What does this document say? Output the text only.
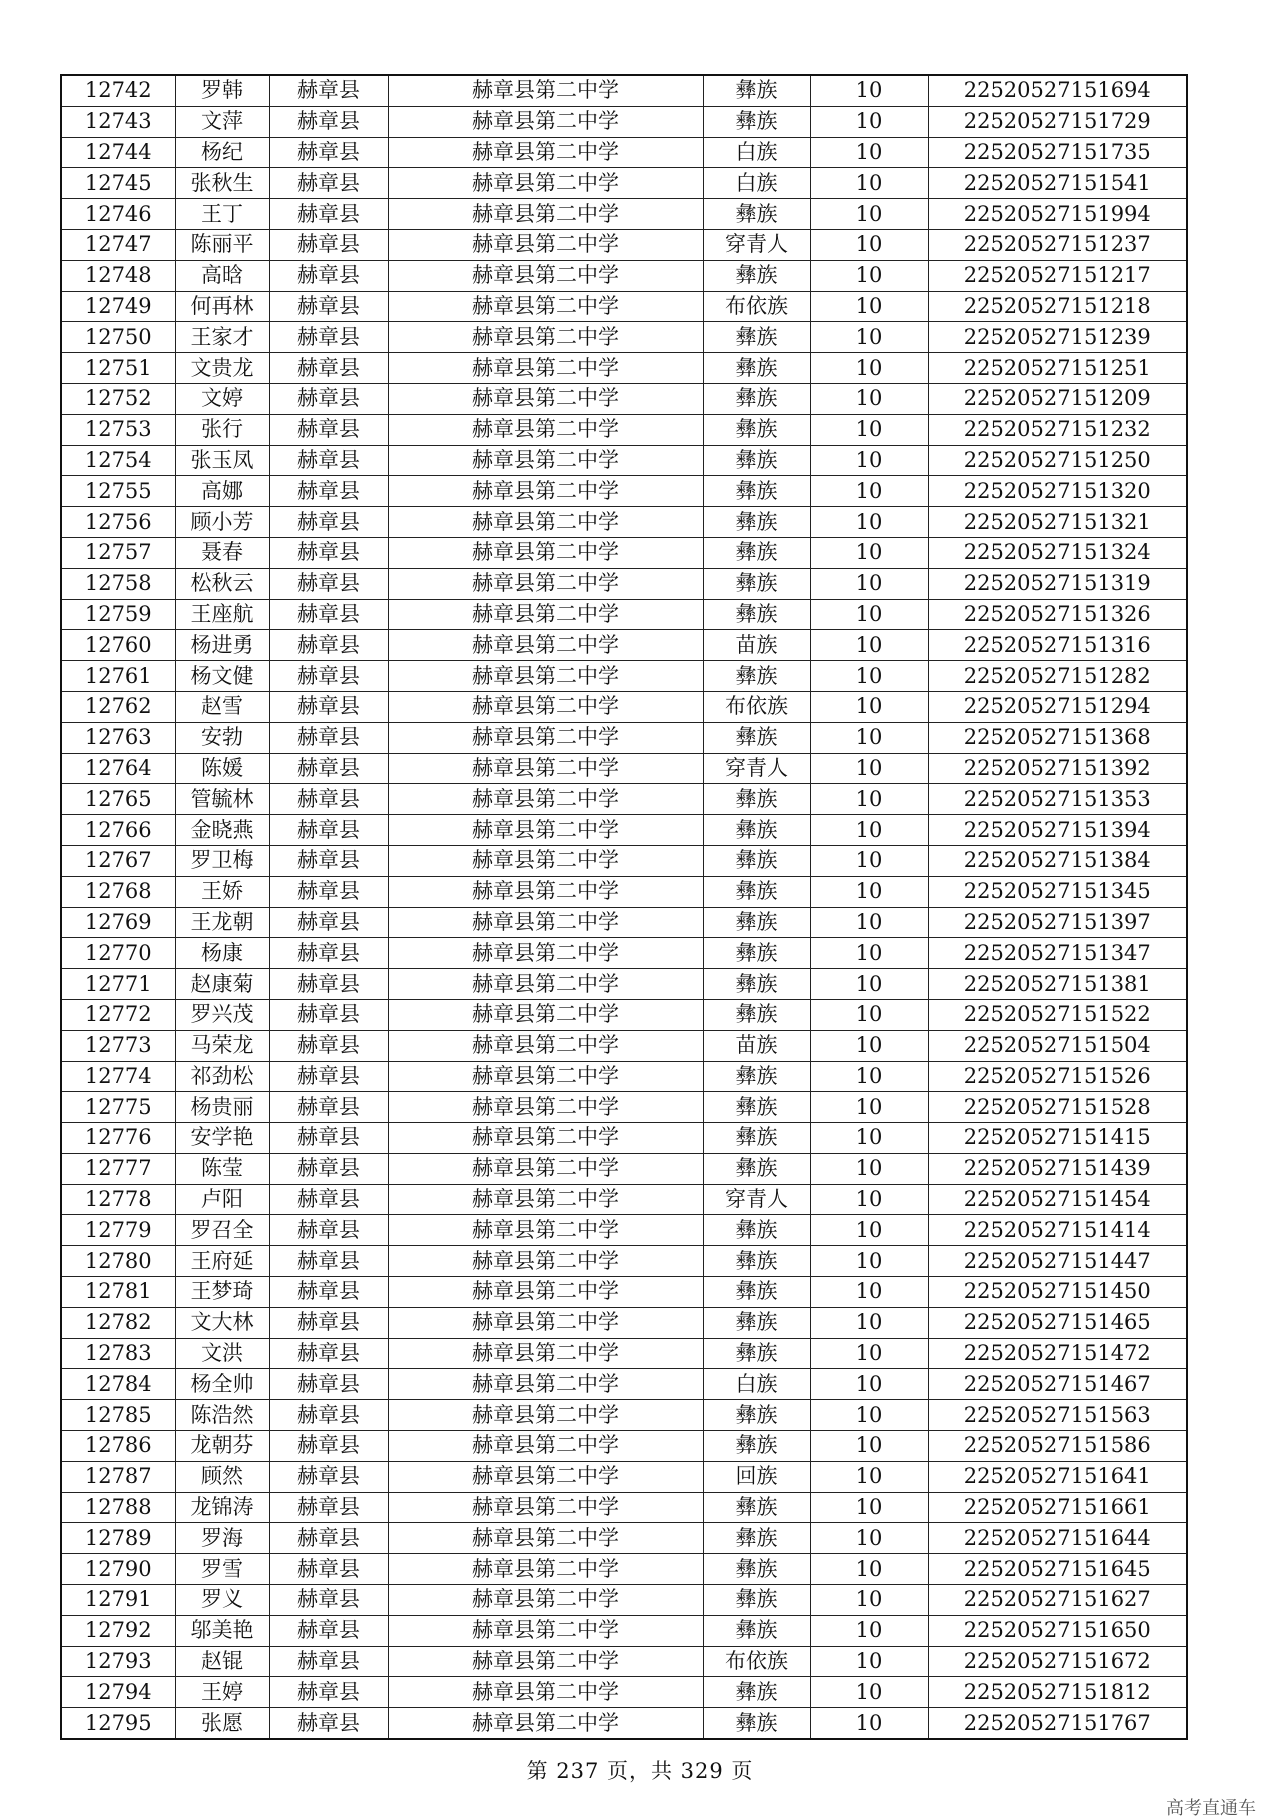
12742	罗韩	赫章县	赫章县第二中学	彝族	10	22520527151694
12743	文萍	赫章县	赫章县第二中学	彝族	10	22520527151729
12744	杨纪	赫章县	赫章县第二中学	白族	10	22520527151735
12745	张秋生	赫章县	赫章县第二中学	白族	10	22520527151541
12746	王丁	赫章县	赫章县第二中学	彝族	10	22520527151994
12747	陈丽平	赫章县	赫章县第二中学	穿青人	10	22520527151237
12748	高晗	赫章县	赫章县第二中学	彝族	10	22520527151217
12749	何再林	赫章县	赫章县第二中学	布依族	10	22520527151218
12750	王家才	赫章县	赫章县第二中学	彝族	10	22520527151239
12751	文贵龙	赫章县	赫章县第二中学	彝族	10	22520527151251
12752	文婷	赫章县	赫章县第二中学	彝族	10	22520527151209
12753	张行	赫章县	赫章县第二中学	彝族	10	22520527151232
12754	张玉凤	赫章县	赫章县第二中学	彝族	10	22520527151250
12755	高娜	赫章县	赫章县第二中学	彝族	10	22520527151320
12756	顾小芳	赫章县	赫章县第二中学	彝族	10	22520527151321
12757	聂春	赫章县	赫章县第二中学	彝族	10	22520527151324
12758	松秋云	赫章县	赫章县第二中学	彝族	10	22520527151319
12759	王座航	赫章县	赫章县第二中学	彝族	10	22520527151326
12760	杨进勇	赫章县	赫章县第二中学	苗族	10	22520527151316
12761	杨文健	赫章县	赫章县第二中学	彝族	10	22520527151282
12762	赵雪	赫章县	赫章县第二中学	布依族	10	22520527151294
12763	安勃	赫章县	赫章县第二中学	彝族	10	22520527151368
12764	陈媛	赫章县	赫章县第二中学	穿青人	10	22520527151392
12765	管毓林	赫章县	赫章县第二中学	彝族	10	22520527151353
12766	金晓燕	赫章县	赫章县第二中学	彝族	10	22520527151394
12767	罗卫梅	赫章县	赫章县第二中学	彝族	10	22520527151384
12768	王娇	赫章县	赫章县第二中学	彝族	10	22520527151345
12769	王龙朝	赫章县	赫章县第二中学	彝族	10	22520527151397
12770	杨康	赫章县	赫章县第二中学	彝族	10	22520527151347
12771	赵康菊	赫章县	赫章县第二中学	彝族	10	22520527151381
12772	罗兴茂	赫章县	赫章县第二中学	彝族	10	22520527151522
12773	马荣龙	赫章县	赫章县第二中学	苗族	10	22520527151504
12774	祁劲松	赫章县	赫章县第二中学	彝族	10	22520527151526
12775	杨贵丽	赫章县	赫章县第二中学	彝族	10	22520527151528
12776	安学艳	赫章县	赫章县第二中学	彝族	10	22520527151415
12777	陈莹	赫章县	赫章县第二中学	彝族	10	22520527151439
12778	卢阳	赫章县	赫章县第二中学	穿青人	10	22520527151454
12779	罗召全	赫章县	赫章县第二中学	彝族	10	22520527151414
12780	王府延	赫章县	赫章县第二中学	彝族	10	22520527151447
12781	王梦琦	赫章县	赫章县第二中学	彝族	10	22520527151450
12782	文大林	赫章县	赫章县第二中学	彝族	10	22520527151465
12783	文洪	赫章县	赫章县第二中学	彝族	10	22520527151472
12784	杨全帅	赫章县	赫章县第二中学	白族	10	22520527151467
12785	陈浩然	赫章县	赫章县第二中学	彝族	10	22520527151563
12786	龙朝芬	赫章县	赫章县第二中学	彝族	10	22520527151586
12787	顾然	赫章县	赫章县第二中学	回族	10	22520527151641
12788	龙锦涛	赫章县	赫章县第二中学	彝族	10	22520527151661
12789	罗海	赫章县	赫章县第二中学	彝族	10	22520527151644
12790	罗雪	赫章县	赫章县第二中学	彝族	10	22520527151645
12791	罗义	赫章县	赫章县第二中学	彝族	10	22520527151627
12792	邬美艳	赫章县	赫章县第二中学	彝族	10	22520527151650
12793	赵锟	赫章县	赫章县第二中学	布依族	10	22520527151672
12794	王婷	赫章县	赫章县第二中学	彝族	10	22520527151812
12795	张愿	赫章县	赫章县第二中学	彝族	10	22520527151767
第 237 页，共 329 页
高考直通车
